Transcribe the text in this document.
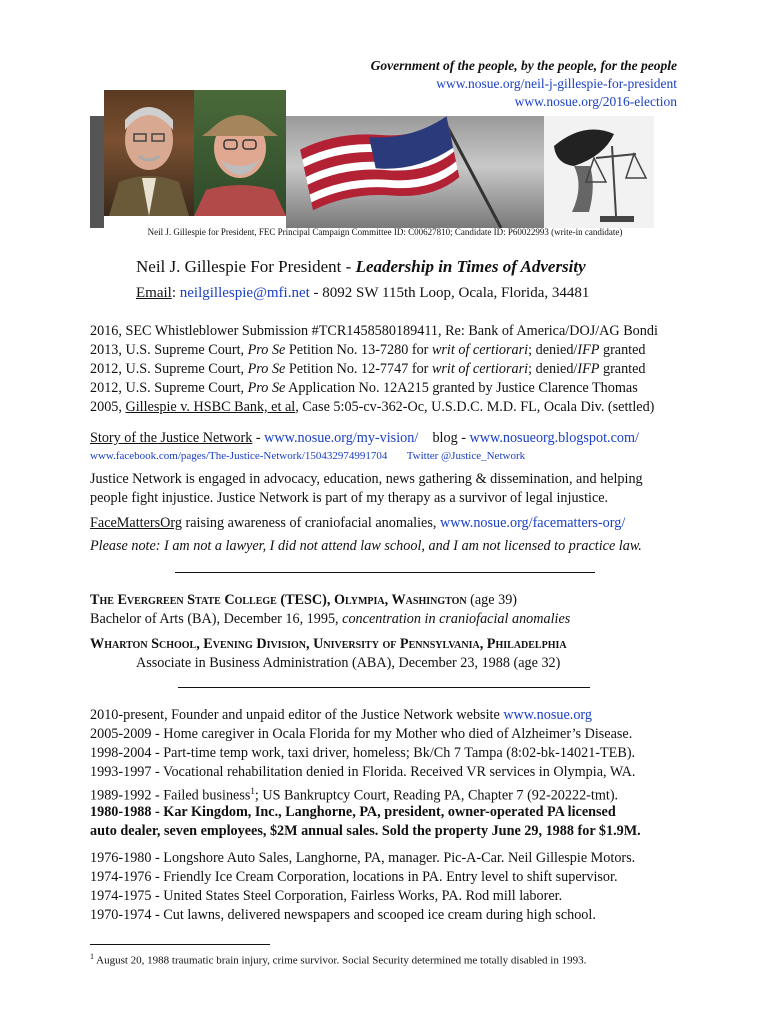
Government of the people, by the people, for the people
www.nosue.org/neil-j-gillespie-for-president
www.nosue.org/2016-election
Neil J. Gillespie for President, FEC Principal Campaign Committee ID: C00627810; Candidate ID: P60022993 (write-in candidate)
Neil J. Gillespie For President - Leadership in Times of Adversity
Email: neilgillespie@mfi.net - 8092 SW 115th Loop, Ocala, Florida, 34481
2016, SEC Whistleblower Submission #TCR1458580189411, Re: Bank of America/DOJ/AG Bondi
2013, U.S. Supreme Court, Pro Se Petition No. 13-7280 for writ of certiorari; denied/IFP granted
2012, U.S. Supreme Court, Pro Se Petition No. 12-7747 for writ of certiorari; denied/IFP granted
2012, U.S. Supreme Court, Pro Se Application No. 12A215 granted by Justice Clarence Thomas
2005, Gillespie v. HSBC Bank, et al, Case 5:05-cv-362-Oc, U.S.D.C. M.D. FL, Ocala Div. (settled)
Story of the Justice Network - www.nosue.org/my-vision/ blog - www.nosueorg.blogspot.com/
www.facebook.com/pages/The-Justice-Network/150432974991704 Twitter @Justice_Network
Justice Network is engaged in advocacy, education, news gathering & dissemination, and helping
people fight injustice. Justice Network is part of my therapy as a survivor of legal injustice.
FaceMattersOrg raising awareness of craniofacial anomalies, www.nosue.org/facematters-org/
Please note: I am not a lawyer, I did not attend law school, and I am not licensed to practice law.
The Evergreen State College (TESC), Olympia, Washington (age 39)
Bachelor of Arts (BA), December 16, 1995, concentration in craniofacial anomalies
Wharton School, Evening Division, University of Pennsylvania, Philadelphia
Associate in Business Administration (ABA), December 23, 1988 (age 32)
2010-present, Founder and unpaid editor of the Justice Network website www.nosue.org
2005-2009 - Home caregiver in Ocala Florida for my Mother who died of Alzheimer’s Disease.
1998-2004 - Part-time temp work, taxi driver, homeless; Bk/Ch 7 Tampa (8:02-bk-14021-TEB).
1993-1997 - Vocational rehabilitation denied in Florida. Received VR services in Olympia, WA.
1989-1992 - Failed business$^1$; US Bankruptcy Court, Reading PA, Chapter 7 (92-20222-tmt).
1980-1988 - Kar Kingdom, Inc., Langhorne, PA, president, owner-operated PA licensed
auto dealer, seven employees, $2M annual sales. Sold the property June 29, 1988 for $1.9M.
1976-1980 - Longshore Auto Sales, Langhorne, PA, manager. Pic-A-Car. Neil Gillespie Motors.
1974-1976 - Friendly Ice Cream Corporation, locations in PA. Entry level to shift supervisor.
1974-1975 - United States Steel Corporation, Fairless Works, PA. Rod mill laborer.
1970-1974 - Cut lawns, delivered newspapers and scooped ice cream during high school.
$^1$ August 20, 1988 traumatic brain injury, crime survivor. Social Security determined me totally disabled in 1993.
